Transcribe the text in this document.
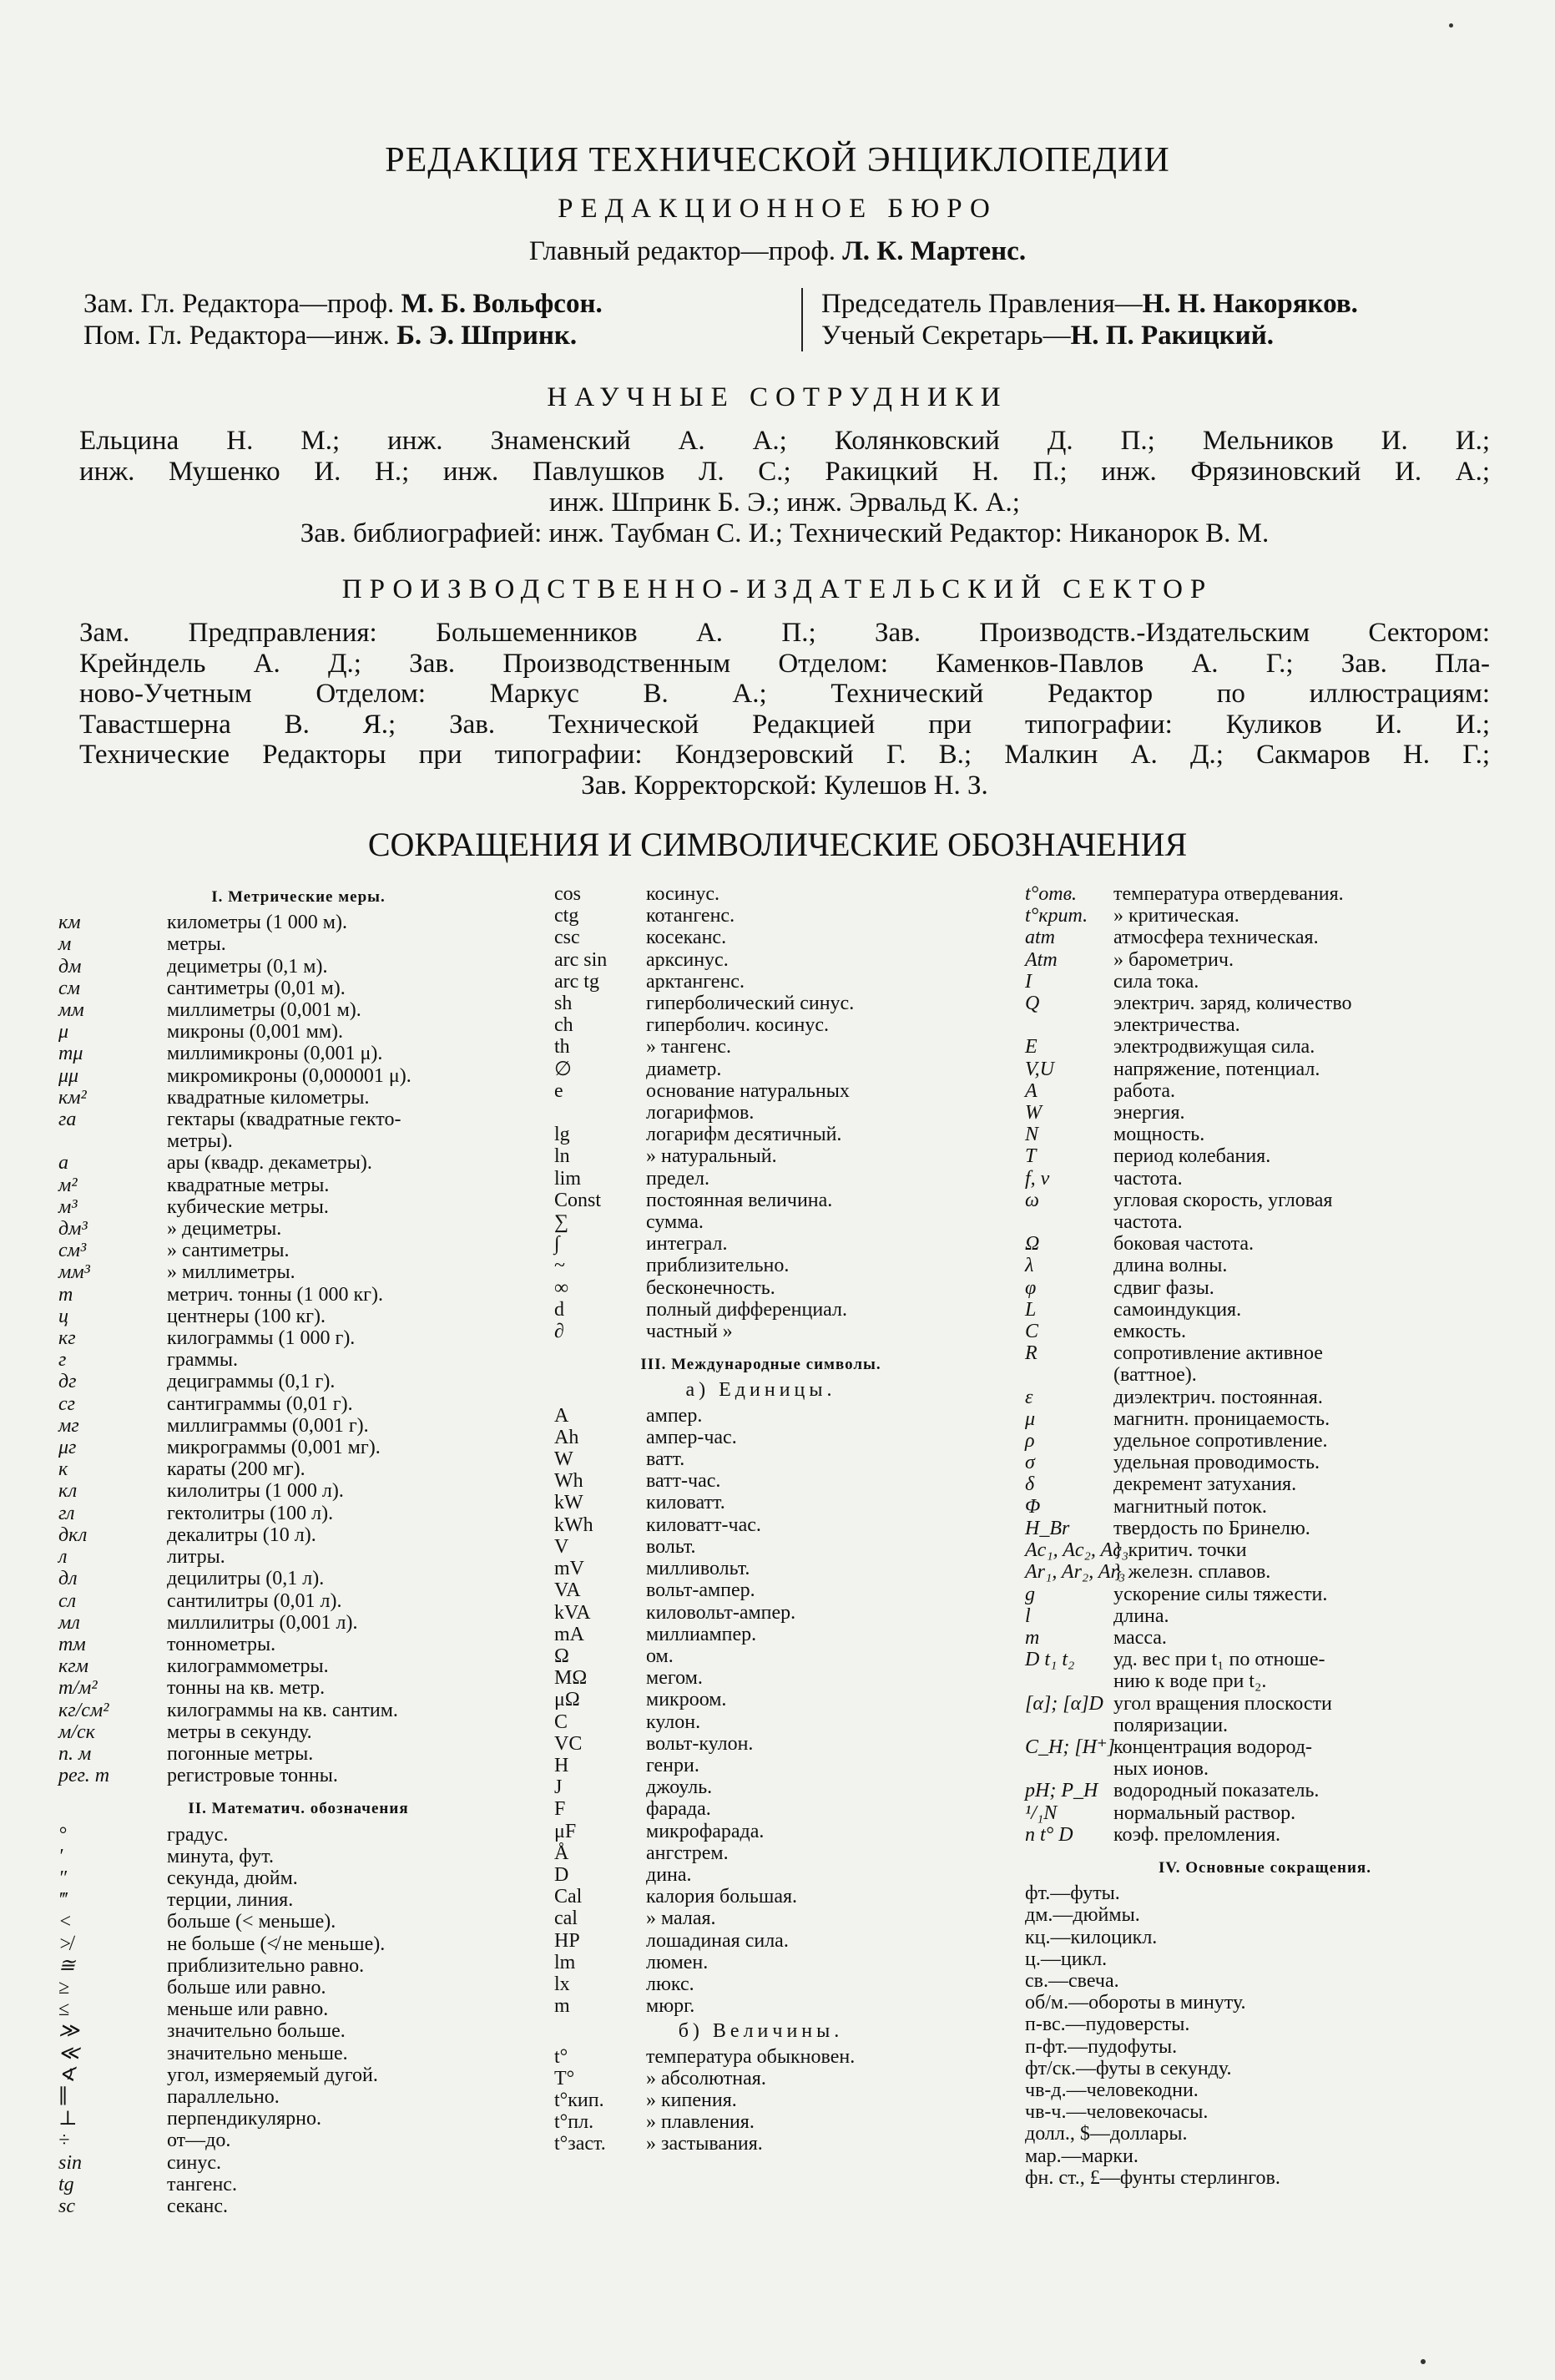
РЕДАКЦИЯ ТЕХНИЧЕСКОЙ ЭНЦИКЛОПЕДИИ
РЕДАКЦИОННОЕ БЮРО
Главный редактор—проф. Л. К. Мартенс.
Зам. Гл. Редактора—проф. М. Б. Вольфсон.
Пом. Гл. Редактора—инж. Б. Э. Шпринк.
Председатель Правления—Н. Н. Накоряков.
Ученый Секретарь—Н. П. Ракицкий.
НАУЧНЫЕ СОТРУДНИКИ

Ельцина Н. М.; инж. Знаменский А. А.; Колянковский Д. П.; Мельников И. И.;

инж. Мушенко И. Н.; инж. Павлушков Л. С.; Ракицкий Н. П.; инж. Фрязиновский И. А.;

инж. Шпринк Б. Э.; инж. Эрвальд К. А.;

Зав. библиографией: инж. Таубман С. И.; Технический Редактор: Никанорок В. М.

ПРОИЗВОДСТВЕННО-ИЗДАТЕЛЬСКИЙ СЕКТОР

Зам. Предправления: Большеменников А. П.; Зав. Производств.-Издательским Сектором:

Крейндель А. Д.; Зав. Производственным Отделом: Каменков-Павлов А. Г.; Зав. Пла-

ново-Учетным Отделом: Маркус В. А.; Технический Редактор по иллюстрациям:

Тавастшерна В. Я.; Зав. Технической Редакцией при типографии: Куликов И. И.;

Технические Редакторы при типографии: Кондзеровский Г. В.; Малкин А. Д.; Сакмаров Н. Г.;

Зав. Корректорской: Кулешов Н. З.

СОКРАЩЕНИЯ И СИМВОЛИЧЕСКИЕ ОБОЗНАЧЕНИЯ
I. Метрические меры.
км	километры (1 000 м).
м	метры.
дм	дециметры (0,1 м).
см	сантиметры (0,01 м).
мм	миллиметры (0,001 м).
μ	микроны (0,001 мм).
mμ	миллимикроны (0,001 μ).
μμ	микромикроны (0,000001 μ).
км²	квадратные километры.
га	гектары (квадратные гекто-
метры).
а	ары (квадр. декаметры).
м²	квадратные метры.
м³	кубические метры.
дм³	» дециметры.
см³	» сантиметры.
мм³	» миллиметры.
т	метрич. тонны (1 000 кг).
ц	центнеры (100 кг).
кг	килограммы (1 000 г).
г	граммы.
дг	дециграммы (0,1 г).
сг	сантиграммы (0,01 г).
мг	миллиграммы (0,001 г).
μг	микрограммы (0,001 мг).
к	караты (200 мг).
кл	килолитры (1 000 л).
гл	гектолитры (100 л).
дкл	декалитры (10 л).
л	литры.
дл	децилитры (0,1 л).
сл	сантилитры (0,01 л).
мл	миллилитры (0,001 л).
тм	тоннометры.
кгм	килограммометры.
т/м²	тонны на кв. метр.
кг/см²	килограммы на кв. сантим.
м/ск	метры в секунду.
п. м	погонные метры.
рег. т	регистровые тонны.
II. Математич. обозначения
°	градус.
′	минута, фут.
″	секунда, дюйм.
‴	терции, линия.
<	больше (< меньше).
≯	не больше (≮ не меньше).
≅	приблизительно равно.
≥	больше или равно.
≤	меньше или равно.
≫	значительно больше.
≪	значительно меньше.
∢	угол, измеряемый дугой.
∥	параллельно.
⊥	перпендикулярно.
÷	от—до.
sin	синус.
tg	тангенс.
sc	секанс.
cos	косинус.
ctg	котангенс.
csc	косеканс.
arc sin	арксинус.
arc tg	арктангенс.
sh	гиперболический синус.
ch	гиперболич. косинус.
th	» тангенс.
∅	диаметр.
e	основание натуральных
логарифмов.
lg	логарифм десятичный.
ln	» натуральный.
lim	предел.
Const	постоянная величина.
∑	сумма.
∫	интеграл.
~	приблизительно.
∞	бесконечность.
d	полный дифференциал.
∂	частный »
III. Международные символы.
а) Единицы.
A	ампер.
Ah	ампер-час.
W	ватт.
Wh	ватт-час.
kW	киловатт.
kWh	киловатт-час.
V	вольт.
mV	милливольт.
VA	вольт-ампер.
kVA	киловольт-ампер.
mA	миллиампер.
Ω	ом.
MΩ	мегом.
μΩ	микроом.
C	кулон.
VC	вольт-кулон.
H	генри.
J	джоуль.
F	фарада.
μF	микрофарада.
Å	ангстрем.
D	дина.
Cal	калория большая.
cal	» малая.
HP	лошадиная сила.
lm	люмен.
lx	люкс.
m	мюрг.
б) Величины.
t°	температура обыкновен.
T°	» абсолютная.
t°кип.	» кипения.
t°пл.	» плавления.
t°заст.	» застывания.
t°отв.	температура отвердевания.
t°крит.	» критическая.
atm	атмосфера техническая.
Atm	» барометрич.
I	сила тока.
Q	электрич. заряд, количество
электричества.
E	электродвижущая сила.
V,U	напряжение, потенциал.
A	работа.
W	энергия.
N	мощность.
T	период колебания.
f, ν	частота.
ω	угловая скорость, угловая
частота.
Ω	боковая частота.
λ	длина волны.
φ	сдвиг фазы.
L	самоиндукция.
C	емкость.
R	сопротивление активное
(ваттное).
ε	диэлектрич. постоянная.
μ	магнитн. проницаемость.
ρ	удельное сопротивление.
σ	удельная проводимость.
δ	декремент затухания.
Φ	магнитный поток.
H_Br	твердость по Бринелю.
Ac₁, Ac₂, Ac₃
} критич. точки
Ar₁, Ar₂, Ar₃
} железн. сплавов.
g	ускорение силы тяжести.
l	длина.
m	масса.
D t₁ t₂	уд. вес при t₁ по отноше-
нию к воде при t₂.
[α]; [α]D угол вращения плоскости
поляризации.
C_H; [H⁺]
концентрация водород-
ных ионов.
pH; P_H водородный показатель.
¹/₁N	нормальный раствор.
n t° D	коэф. преломления.
IV. Основные сокращения.
фт.—футы.
дм.—дюймы.
кц.—килоцикл.
ц.—цикл.
св.—свеча.
об/м.—обороты в минуту.
п-вс.—пудоверсты.
п-фт.—пудофуты.
фт/ск.—футы в секунду.
чв-д.—человекодни.
чв-ч.—человекочасы.
долл., $—доллары.
мар.—марки.
фн. ст., £—фунты стерлингов.
